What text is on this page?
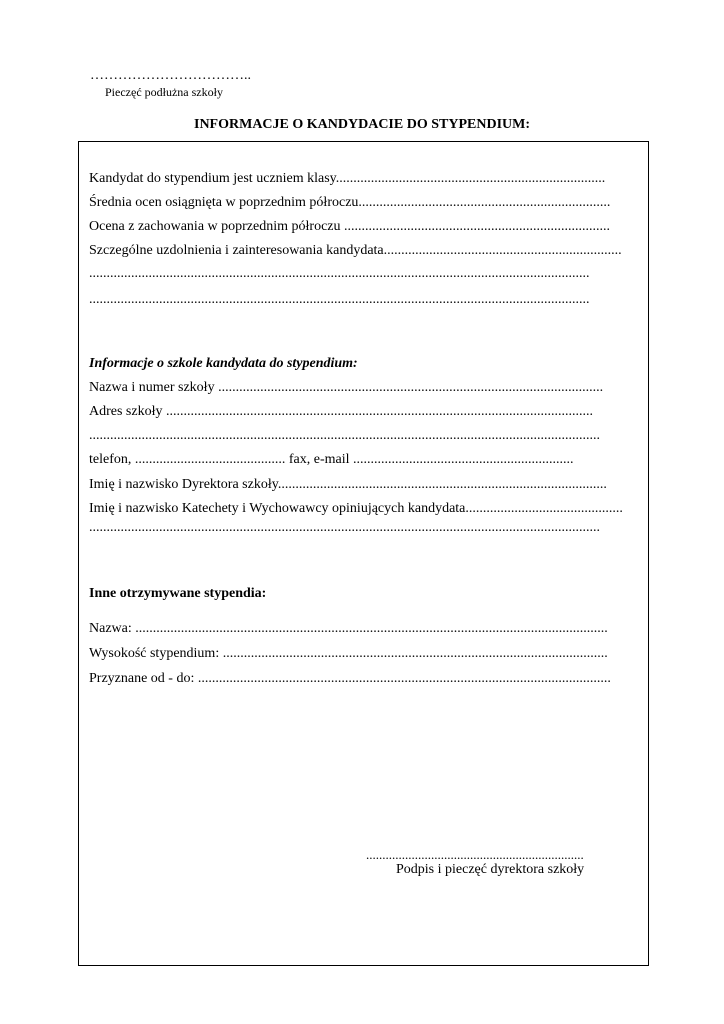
……………………………..
Pieczęć podłużna szkoły
INFORMACJE O KANDYDACIE DO STYPENDIUM:
Kandydat do stypendium jest uczniem klasy.............................................................................
Średnia ocen osiągnięta w poprzednim półroczu........................................................................
Ocena z zachowania w poprzednim półroczu ............................................................................
Szczególne uzdolnienia i zainteresowania kandydata....................................................................
...............................................................................................................................................
...............................................................................................................................................
Informacje o szkole kandydata do stypendium:
Nazwa i numer szkoły ..............................................................................................................
Adres szkoły ..........................................................................................................................
..................................................................................................................................................
telefon, ........................................... fax, e-mail ...............................................................
Imię i nazwisko Dyrektora szkoły..............................................................................................
Imię i nazwisko Katechety i Wychowawcy opiniujących kandydata.............................................
..................................................................................................................................................
Inne otrzymywane stypendia:
Nazwa: .......................................................................................................................................
Wysokość stypendium: ..............................................................................................................
Przyznane od - do: ......................................................................................................................
...................................................................
Podpis i pieczęć dyrektora szkoły
